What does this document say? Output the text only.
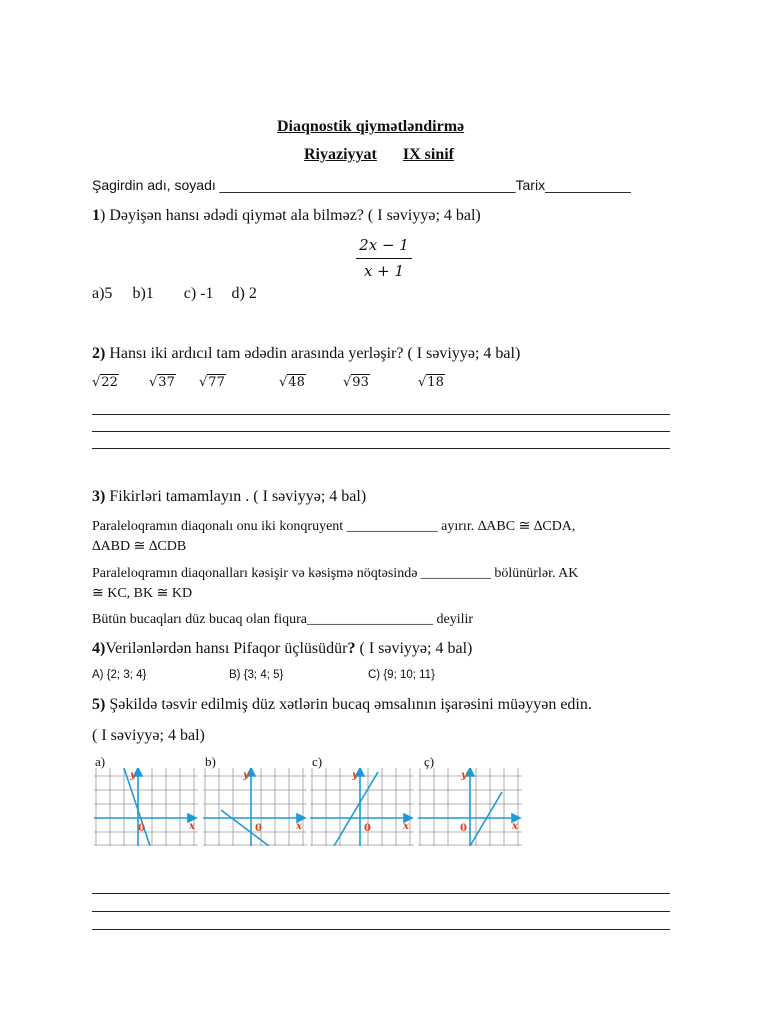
Diaqnostik qiymətləndirmə
Riyaziyyat IX sinif
Şagirdin adı, soyadı ______________________________________Tarix___________
1) Dəyişən hansı ədədi qiymət ala bilməz? ( I səviyyə; 4 bal)
2x − 1
x + 1
a)5 b)1 c) -1 d) 2
2) Hansı iki ardıcıl tam ədədin arasında yerləşir? ( I səviyyə; 4 bal)
√22 √37 √77	√48	√93	√18
3) Fikirləri tamamlayın . ( I səviyyə; 4 bal)
Paraleloqramın diaqonalı onu iki konqruyent _____________ ayırır. ∆ABC ≅ ∆CDA,
∆ABD ≅ ∆CDB
Paraleloqramın diaqonalları kəsişir və kəsişmə nöqtəsində __________ bölünürlər. AK
≅ KC, BK ≅ KD
Bütün bucaqları düz bucaq olan fiqura__________________ deyilir
4)Verilənlərdən hansı Pifaqor üçlüsüdür? ( I səviyyə; 4 bal)
A) {2; 3; 4}	B) {3; 4; 5}	C) {9; 10; 11}
5) Şəkildə təsvir edilmiş düz xətlərin bucaq əmsalının işarəsini müəyyən edin.
( I səviyyə; 4 bal)
a)	b)	c)	ç)
y
x
0
y
x
0
y
x
0
y
x
0
